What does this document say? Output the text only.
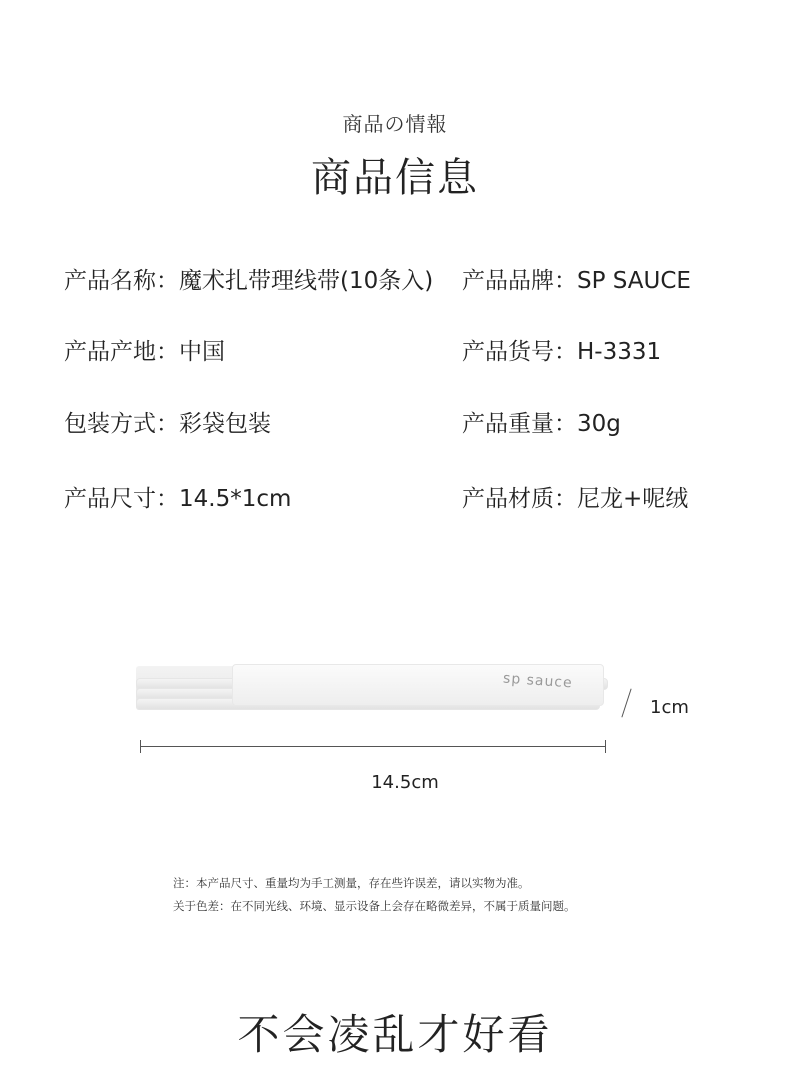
商品の情報
商品信息
产品名称：魔术扎带理线带(10条入) 产品品牌：SP SAUCE
产品产地：中国	产品货号：H-3331
包装方式：彩袋包装	产品重量：30g
产品尺寸：14.5*1cm	产品材质：尼龙+呢绒
sp sauce
1cm
14.5cm
注：本产品尺寸、重量均为手工测量，存在些许误差，请以实物为准。
关于色差：在不同光线、环境、显示设备上会存在略微差异，不属于质量问题。
不会凌乱才好看
